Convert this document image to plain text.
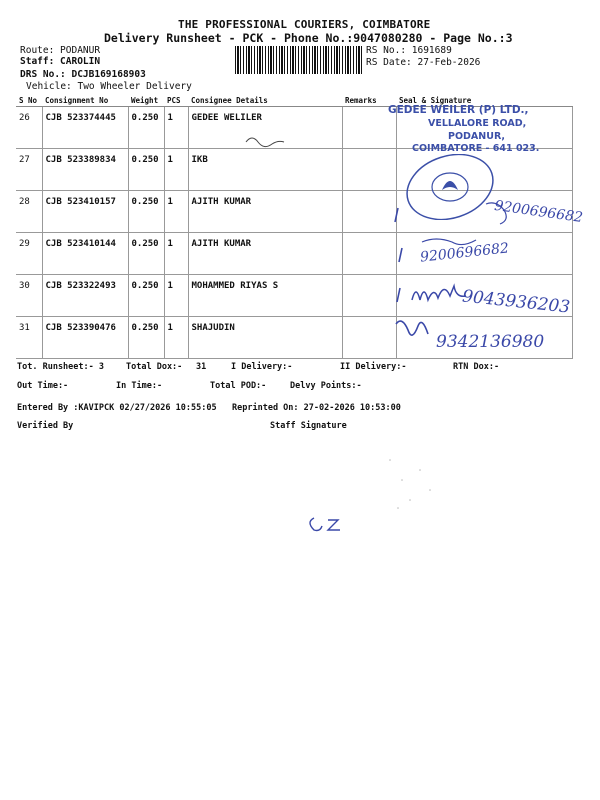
THE PROFESSIONAL COURIERS, COIMBATORE
Delivery Runsheet - PCK - Phone No.:9047080280 - Page No.:3
Route: PODANUR
Staff: CAROLIN
DRS No.: DCJB169168903
Vehicle: Two Wheeler Delivery
RS No.: 1691689
RS Date: 27-Feb-2026
S No	Consignment No	Weight	PCS	Consignee Details	Remarks	Seal & Signature
26	CJB 523374445	0.250	1	GEDEE WELILER		
27	CJB 523389834	0.250	1	IKB		
28	CJB 523410157	0.250	1	AJITH KUMAR		
29	CJB 523410144	0.250	1	AJITH KUMAR		
30	CJB 523322493	0.250	1	MOHAMMED RIYAS S		
31	CJB 523390476	0.250	1	SHAJUDIN		
GEDEE WEILER (P) LTD.,
VELLALORE ROAD,
PODANUR,
COIMBATORE - 641 023.
9200696682
9200696682
9043936203
9342136980
Tot. Runsheet:- 3	Total Dox:- 31	I Delivery:-	II Delivery:-	RTN Dox:-
Out Time:-	In Time:-	Total POD:-	Delvy Points:-
Entered By :KAVIPCK 02/27/2026 10:55:05 Reprinted On: 27-02-2026 10:53:00
Verified By	Staff Signature
